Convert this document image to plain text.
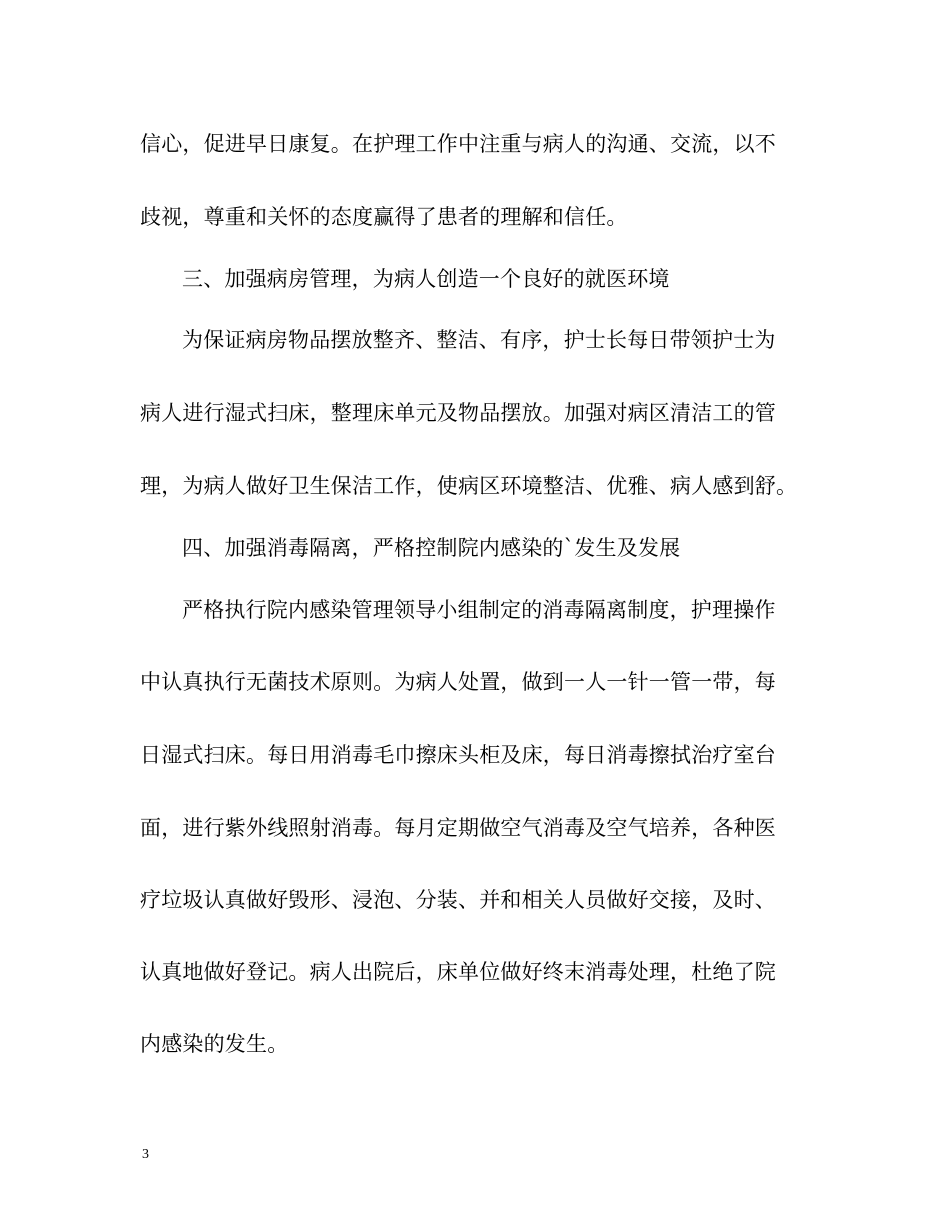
信心，促进早日康复。在护理工作中注重与病人的沟通、交流，以不
歧视，尊重和关怀的态度赢得了患者的理解和信任。
三、加强病房管理，为病人创造一个良好的就医环境
为保证病房物品摆放整齐、整洁、有序，护士长每日带领护士为
病人进行湿式扫床，整理床单元及物品摆放。加强对病区清洁工的管
理，为病人做好卫生保洁工作，使病区环境整洁、优雅、病人感到舒。
四、加强消毒隔离，严格控制院内感染的`发生及发展
严格执行院内感染管理领导小组制定的消毒隔离制度，护理操作
中认真执行无菌技术原则。为病人处置，做到一人一针一管一带，每
日湿式扫床。每日用消毒毛巾擦床头柜及床，每日消毒擦拭治疗室台
面，进行紫外线照射消毒。每月定期做空气消毒及空气培养，各种医
疗垃圾认真做好毁形、浸泡、分装、并和相关人员做好交接，及时、
认真地做好登记。病人出院后，床单位做好终末消毒处理，杜绝了院
内感染的发生。
3
